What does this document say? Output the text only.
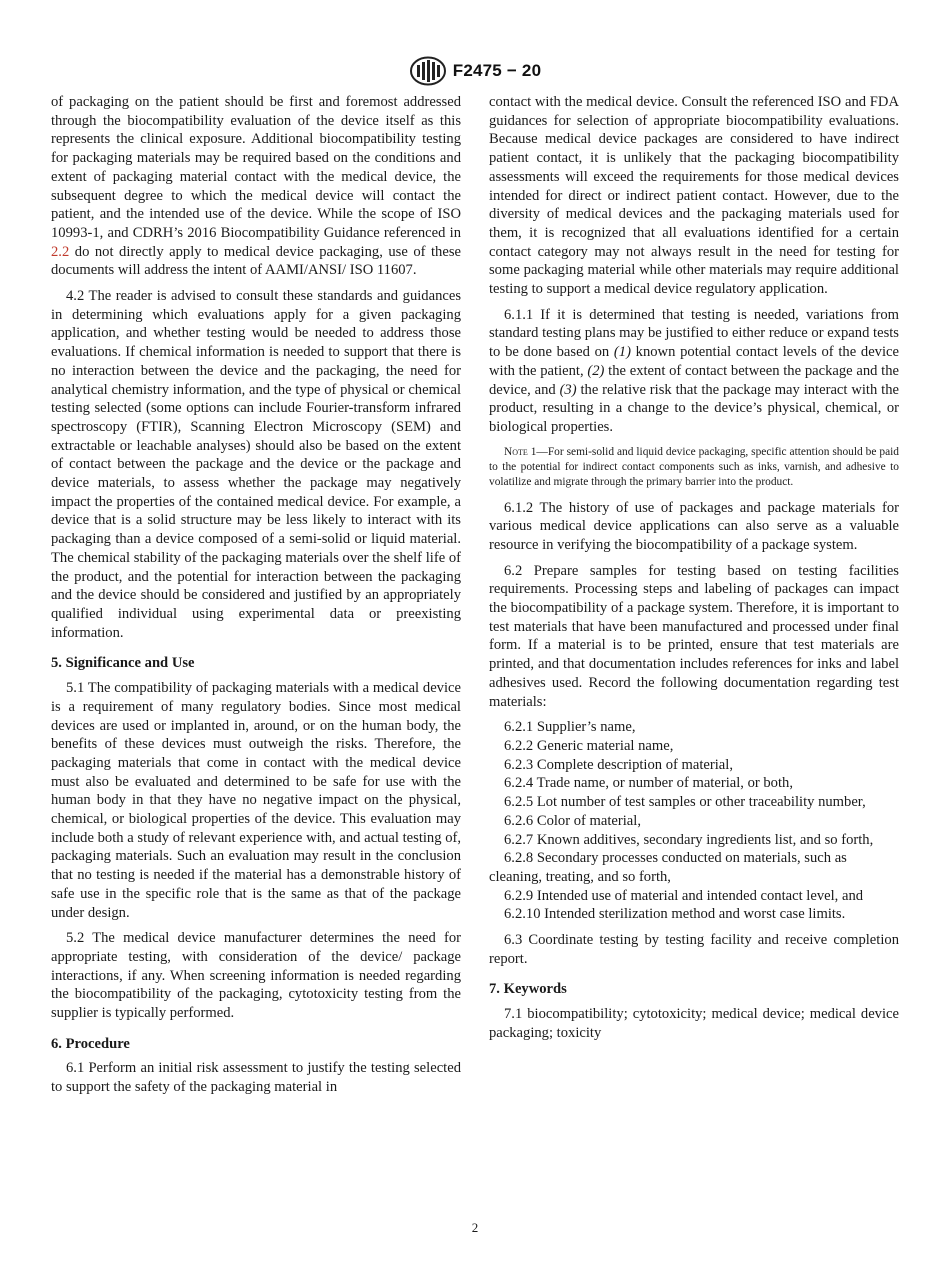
F2475 − 20

of packaging on the patient should be first and foremost addressed through the biocompatibility evaluation of the device itself as this represents the clinical exposure. Additional biocompatibility testing for packaging materials may be required based on the conditions and extent of packaging material contact with the medical device, the subsequent degree to which the medical device will contact the patient, and the intended use of the device. While the scope of ISO 10993-1, and CDRH’s 2016 Biocompatibility Guidance referenced in 2.2 do not directly apply to medical device packaging, use of these documents will address the intent of AAMI/ANSI/ ISO 11607.

4.2 The reader is advised to consult these standards and guidances in determining which evaluations apply for a given packaging application, and whether testing would be needed to address those evaluations. If chemical information is needed to support that there is no interaction between the device and the packaging, the need for analytical chemistry information, and the type of physical or chemical testing selected (some options can include Fourier-transform infrared spectroscopy (FTIR), Scanning Electron Microscopy (SEM) and extractable or leachable analyses) should also be based on the extent of contact between the package and the device or the package and device materials, to assess whether the package may negatively impact the properties of the contained medical device. For example, a device that is a solid structure may be less likely to interact with its packaging than a device composed of a semi-solid or liquid material. The chemical stability of the packaging materials over the shelf life of the product, and the potential for interaction between the packaging and the device should be considered and justified by an appropriately qualified individual using experimental data or preexisting information.

5. Significance and Use

5.1 The compatibility of packaging materials with a medical device is a requirement of many regulatory bodies. Since most medical devices are used or implanted in, around, or on the human body, the benefits of these devices must outweigh the risks. Therefore, the packaging materials that come in contact with the medical device must also be evaluated and determined to be safe for use with the human body in that they have no negative impact on the physical, chemical, or biological properties of the device. This evaluation may include both a study of relevant experience with, and actual testing of, packaging materials. Such an evaluation may result in the conclusion that no testing is needed if the material has a demonstrable history of safe use in the specific role that is the same as that of the package under design.

5.2 The medical device manufacturer determines the need for appropriate testing, with consideration of the device/ package interactions, if any. When screening information is needed regarding the biocompatibility of the packaging, cytotoxicity testing from the supplier is typically performed.

6. Procedure

6.1 Perform an initial risk assessment to justify the testing selected to support the safety of the packaging material in

contact with the medical device. Consult the referenced ISO and FDA guidances for selection of appropriate biocompatibility evaluations. Because medical device packages are considered to have indirect patient contact, it is unlikely that the packaging biocompatibility assessments will exceed the requirements for those medical devices intended for direct or indirect patient contact. However, due to the diversity of medical devices and the packaging materials used for them, it is recognized that all evaluations identified for a certain contact category may not always result in the need for testing for some packaging material while other materials may require additional testing to support a medical device regulatory application.

6.1.1 If it is determined that testing is needed, variations from standard testing plans may be justified to either reduce or expand tests to be done based on (1) known potential contact levels of the device with the patient, (2) the extent of contact between the package and the device, and (3) the relative risk that the package may interact with the product, resulting in a change to the device’s physical, chemical, or biological properties.

Note 1—For semi-solid and liquid device packaging, specific attention should be paid to the potential for indirect contact components such as inks, varnish, and adhesive to volatilize and migrate through the primary barrier into the product.

6.1.2 The history of use of packages and package materials for various medical device applications can also serve as a valuable resource in verifying the biocompatibility of a package system.

6.2 Prepare samples for testing based on testing facilities requirements. Processing steps and labeling of packages can impact the biocompatibility of a package system. Therefore, it is important to test materials that have been manufactured and processed under final form. If a material is to be printed, ensure that test materials are printed, and that documentation includes references for inks and label adhesives used. Record the following documentation regarding test materials:

6.2.1 Supplier’s name,

6.2.2 Generic material name,

6.2.3 Complete description of material,

6.2.4 Trade name, or number of material, or both,

6.2.5 Lot number of test samples or other traceability number,

6.2.6 Color of material,

6.2.7 Known additives, secondary ingredients list, and so forth,

6.2.8 Secondary processes conducted on materials, such as cleaning, treating, and so forth,

6.2.9 Intended use of material and intended contact level, and

6.2.10 Intended sterilization method and worst case limits.

6.3 Coordinate testing by testing facility and receive completion report.

7. Keywords

7.1 biocompatibility; cytotoxicity; medical device; medical device packaging; toxicity

2
